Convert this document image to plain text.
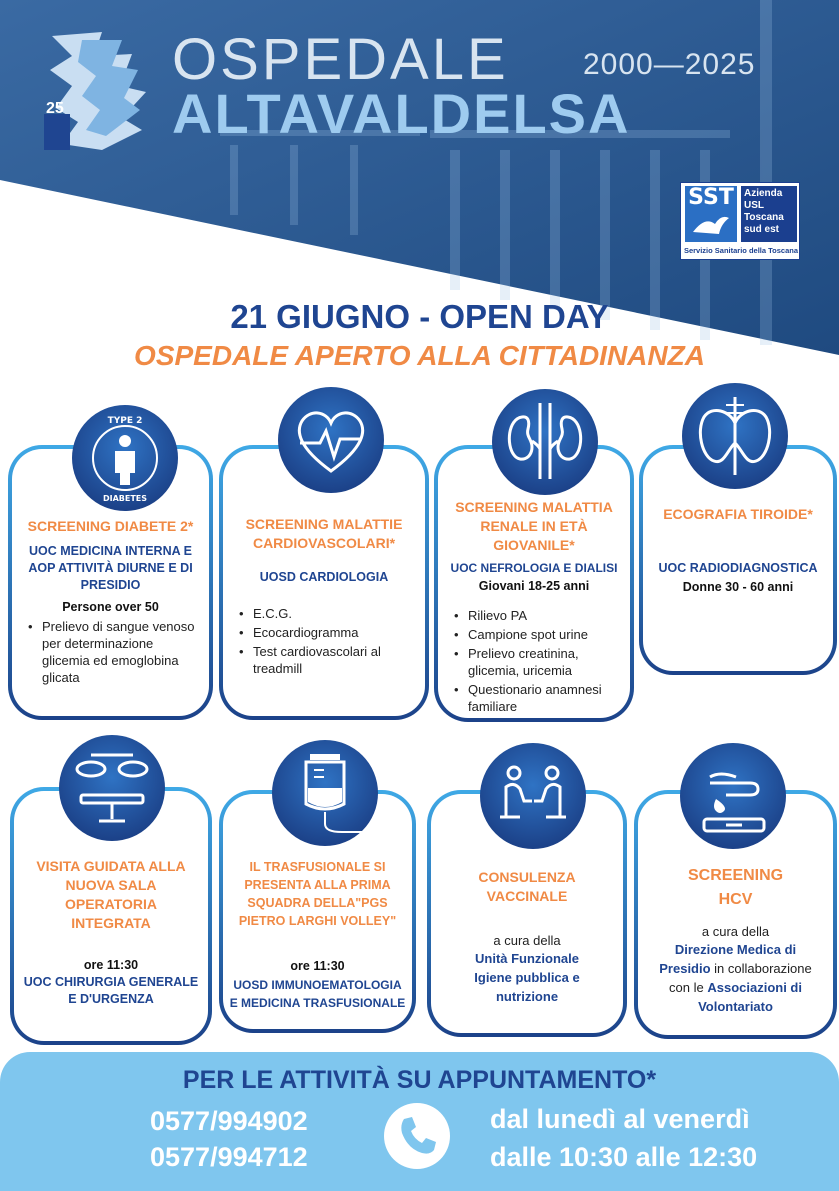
25
OSPEDALE 2000—2025
ALTAVALDELSA
SST	Azienda
USL
Toscana
sud est
Servizio Sanitario della Toscana
21 GIUGNO - OPEN DAY
OSPEDALE APERTO ALLA CITTADINANZA
SCREENING DIABETE 2*
UOC MEDICINA INTERNA E AOP ATTIVITÀ DIURNE E DI PRESIDIO
Persone over 50
• Prelievo di sangue venoso per determinazione glicemia ed emoglobina glicata
TYPE 2
DIABETES
SCREENING MALATTIE CARDIOVASCOLARI*
UOSD CARDIOLOGIA
• E.C.G.
• Ecocardiogramma
• Test cardiovascolari al treadmill
SCREENING MALATTIA RENALE IN ETÀ GIOVANILE*
UOC NEFROLOGIA E DIALISI
Giovani 18-25 anni
• Rilievo PA
• Campione spot urine
• Prelievo creatinina, glicemia, uricemia
• Questionario anamnesi familiare
ECOGRAFIA TIROIDE*
UOC RADIODIAGNOSTICA
Donne 30 - 60 anni
VISITA GUIDATA ALLA NUOVA SALA OPERATORIA INTEGRATA
ore 11:30
UOC CHIRURGIA GENERALE E D'URGENZA
IL TRASFUSIONALE SI PRESENTA ALLA PRIMA SQUADRA DELLA"PGS PIETRO LARGHI VOLLEY"
ore 11:30
UOSD IMMUNOEMATOLOGIA E MEDICINA TRASFUSIONALE
CONSULENZA VACCINALE
a cura della
Unità Funzionale Igiene pubblica e nutrizione
SCREENING HCV
a cura della
Direzione Medica di Presidio in collaborazione con le Associazioni di Volontariato
PER LE ATTIVITÀ SU APPUNTAMENTO*
0577/994902
0577/994712
dal lunedì al venerdì
dalle 10:30 alle 12:30
